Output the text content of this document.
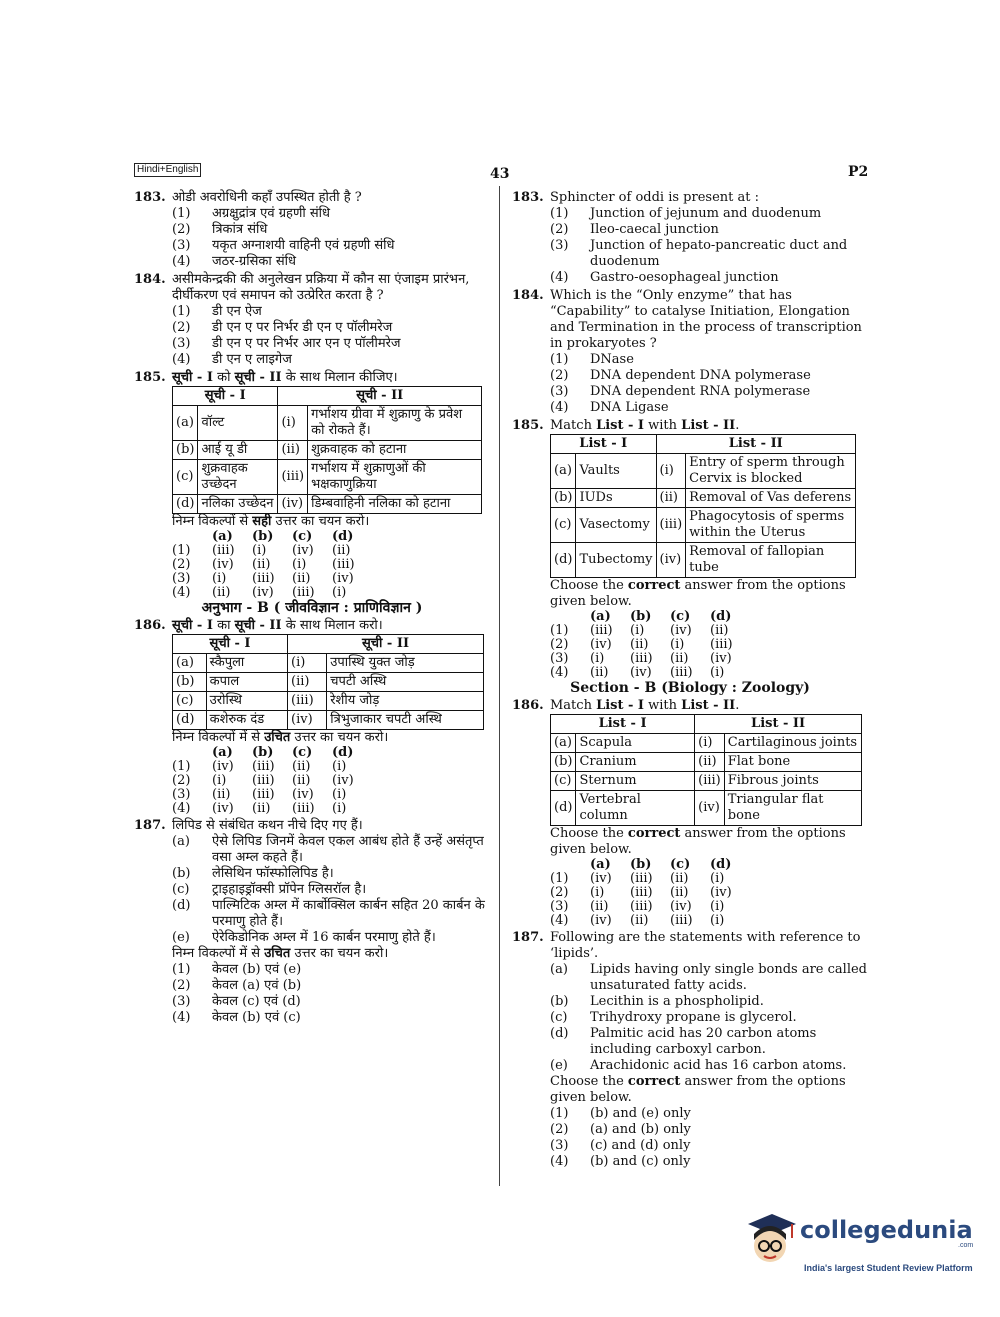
Hindi+English	43	P2
183. ओडी अवरोधिनी कहाँ उपस्थित होती है ?
(1)	अग्रक्षुद्रांत्र एवं ग्रहणी संधि
(2)	त्रिकांत्र संधि
(3)	यकृत अग्नाशयी वाहिनी एवं ग्रहणी संधि
(4)	जठर-ग्रसिका संधि
184. असीमकेन्द्रकी की अनुलेखन प्रक्रिया में कौन सा एंजाइम प्रारंभन, दीर्घीकरण एवं समापन को उत्प्रेरित करता है ?
(1)	डी एन ऐज
(2)	डी एन ए पर निर्भर डी एन ए पॉलीमरेज
(3)	डी एन ए पर निर्भर आर एन ए पॉलीमरेज
(4)	डी एन ए लाइगेज
185. सूची - I को सूची - II के साथ मिलान कीजिए।
सूची - I		सूची - II	
(a)	वॉल्ट	(i)	गर्भाशय ग्रीवा में शुक्राणु के प्रवेश को रोकते हैं।
(b)	आई यू डी	(ii)	शुक्रवाहक को हटाना
(c)	शुक्रवाहक उच्छेदन	(iii)	गर्भाशय में शुक्राणुओं की भक्षकाणुक्रिया
(d)	नलिका उच्छेदन	(iv)	डिम्बवाहिनी नलिका को हटाना
निम्न विकल्पों से सही उत्तर का चयन करो।
(a)	(b)	(c)	(d)
(1)	(iii)	(i)	(iv)	(ii)
(2)	(iv)	(ii)	(i)	(iii)
(3)	(i)	(iii)	(ii)	(iv)
(4)	(ii)	(iv)	(iii)	(i)
अनुभाग - B ( जीवविज्ञान : प्राणिविज्ञान )
186. सूची - I का सूची - II के साथ मिलान करो।
सूची - I		सूची - II	
(a)	स्कैपुला	(i)	उपास्थि युक्त जोड़
(b)	कपाल	(ii)	चपटी अस्थि
(c)	उरोस्थि	(iii)	रेशीय जोड़
(d)	कशेरुक दंड	(iv)	त्रिभुजाकार चपटी अस्थि
निम्न विकल्पों में से उचित उत्तर का चयन करो।
(a)	(b)	(c)	(d)
(1)	(iv)	(iii)	(ii)	(i)
(2)	(i)	(iii)	(ii)	(iv)
(3)	(ii)	(iii)	(iv)	(i)
(4)	(iv)	(ii)	(iii)	(i)
187. लिपिड से संबंधित कथन नीचे दिए गए हैं।
(a)	ऐसे लिपिड जिनमें केवल एकल आबंध होते हैं उन्हें असंतृप्त वसा अम्ल कहते हैं।
(b)	लेसिथिन फॉस्फोलिपिड है।
(c)	ट्राइहाइड्रॉक्सी प्रॉपेन ग्लिसरॉल है।
(d)	पाल्मिटिक अम्ल में कार्बोक्सिल कार्बन सहित 20 कार्बन के परमाणु होते हैं।
(e)	ऐरेकिडोनिक अम्ल में 16 कार्बन परमाणु होते हैं।
निम्न विकल्पों में से उचित उत्तर का चयन करो।
(1)	केवल (b) एवं (e)
(2)	केवल (a) एवं (b)
(3)	केवल (c) एवं (d)
(4)	केवल (b) एवं (c)
183. Sphincter of oddi is present at :
(1)	Junction of jejunum and duodenum
(2)	Ileo-caecal junction
(3)	Junction of hepato-pancreatic duct and duodenum
(4)	Gastro-oesophageal junction
184. Which is the “Only enzyme” that has “Capability” to catalyse Initiation, Elongation and Termination in the process of transcription in prokaryotes ?
(1)	DNase
(2)	DNA dependent DNA polymerase
(3)	DNA dependent RNA polymerase
(4)	DNA Ligase
185. Match List - I with List - II.
List - I		List - II	
(a)	Vaults	(i)	Entry of sperm through Cervix is blocked
(b)	IUDs	(ii)	Removal of Vas deferens
(c)	Vasectomy	(iii)	Phagocytosis of sperms within the Uterus
(d)	Tubectomy	(iv)	Removal of fallopian tube
Choose the correct answer from the options given below.
(a)	(b)	(c)	(d)
(1)	(iii)	(i)	(iv)	(ii)
(2)	(iv)	(ii)	(i)	(iii)
(3)	(i)	(iii)	(ii)	(iv)
(4)	(ii)	(iv)	(iii)	(i)
Section - B (Biology : Zoology)
186. Match List - I with List - II.
List - I		List - II	
(a)	Scapula	(i)	Cartilaginous joints
(b)	Cranium	(ii)	Flat bone
(c)	Sternum	(iii)	Fibrous joints
(d)	Vertebral column	(iv)	Triangular flat bone
Choose the correct answer from the options given below.
(a)	(b)	(c)	(d)
(1)	(iv)	(iii)	(ii)	(i)
(2)	(i)	(iii)	(ii)	(iv)
(3)	(ii)	(iii)	(iv)	(i)
(4)	(iv)	(ii)	(iii)	(i)
187. Following are the statements with reference to ‘lipids’.
(a)	Lipids having only single bonds are called unsaturated fatty acids.
(b)	Lecithin is a phospholipid.
(c)	Trihydroxy propane is glycerol.
(d)	Palmitic acid has 20 carbon atoms including carboxyl carbon.
(e)	Arachidonic acid has 16 carbon atoms.
Choose the correct answer from the options given below.
(1)	(b) and (e) only
(2)	(a) and (b) only
(3)	(c) and (d) only
(4)	(b) and (c) only
collegedunia
.com
India's largest Student Review Platform
